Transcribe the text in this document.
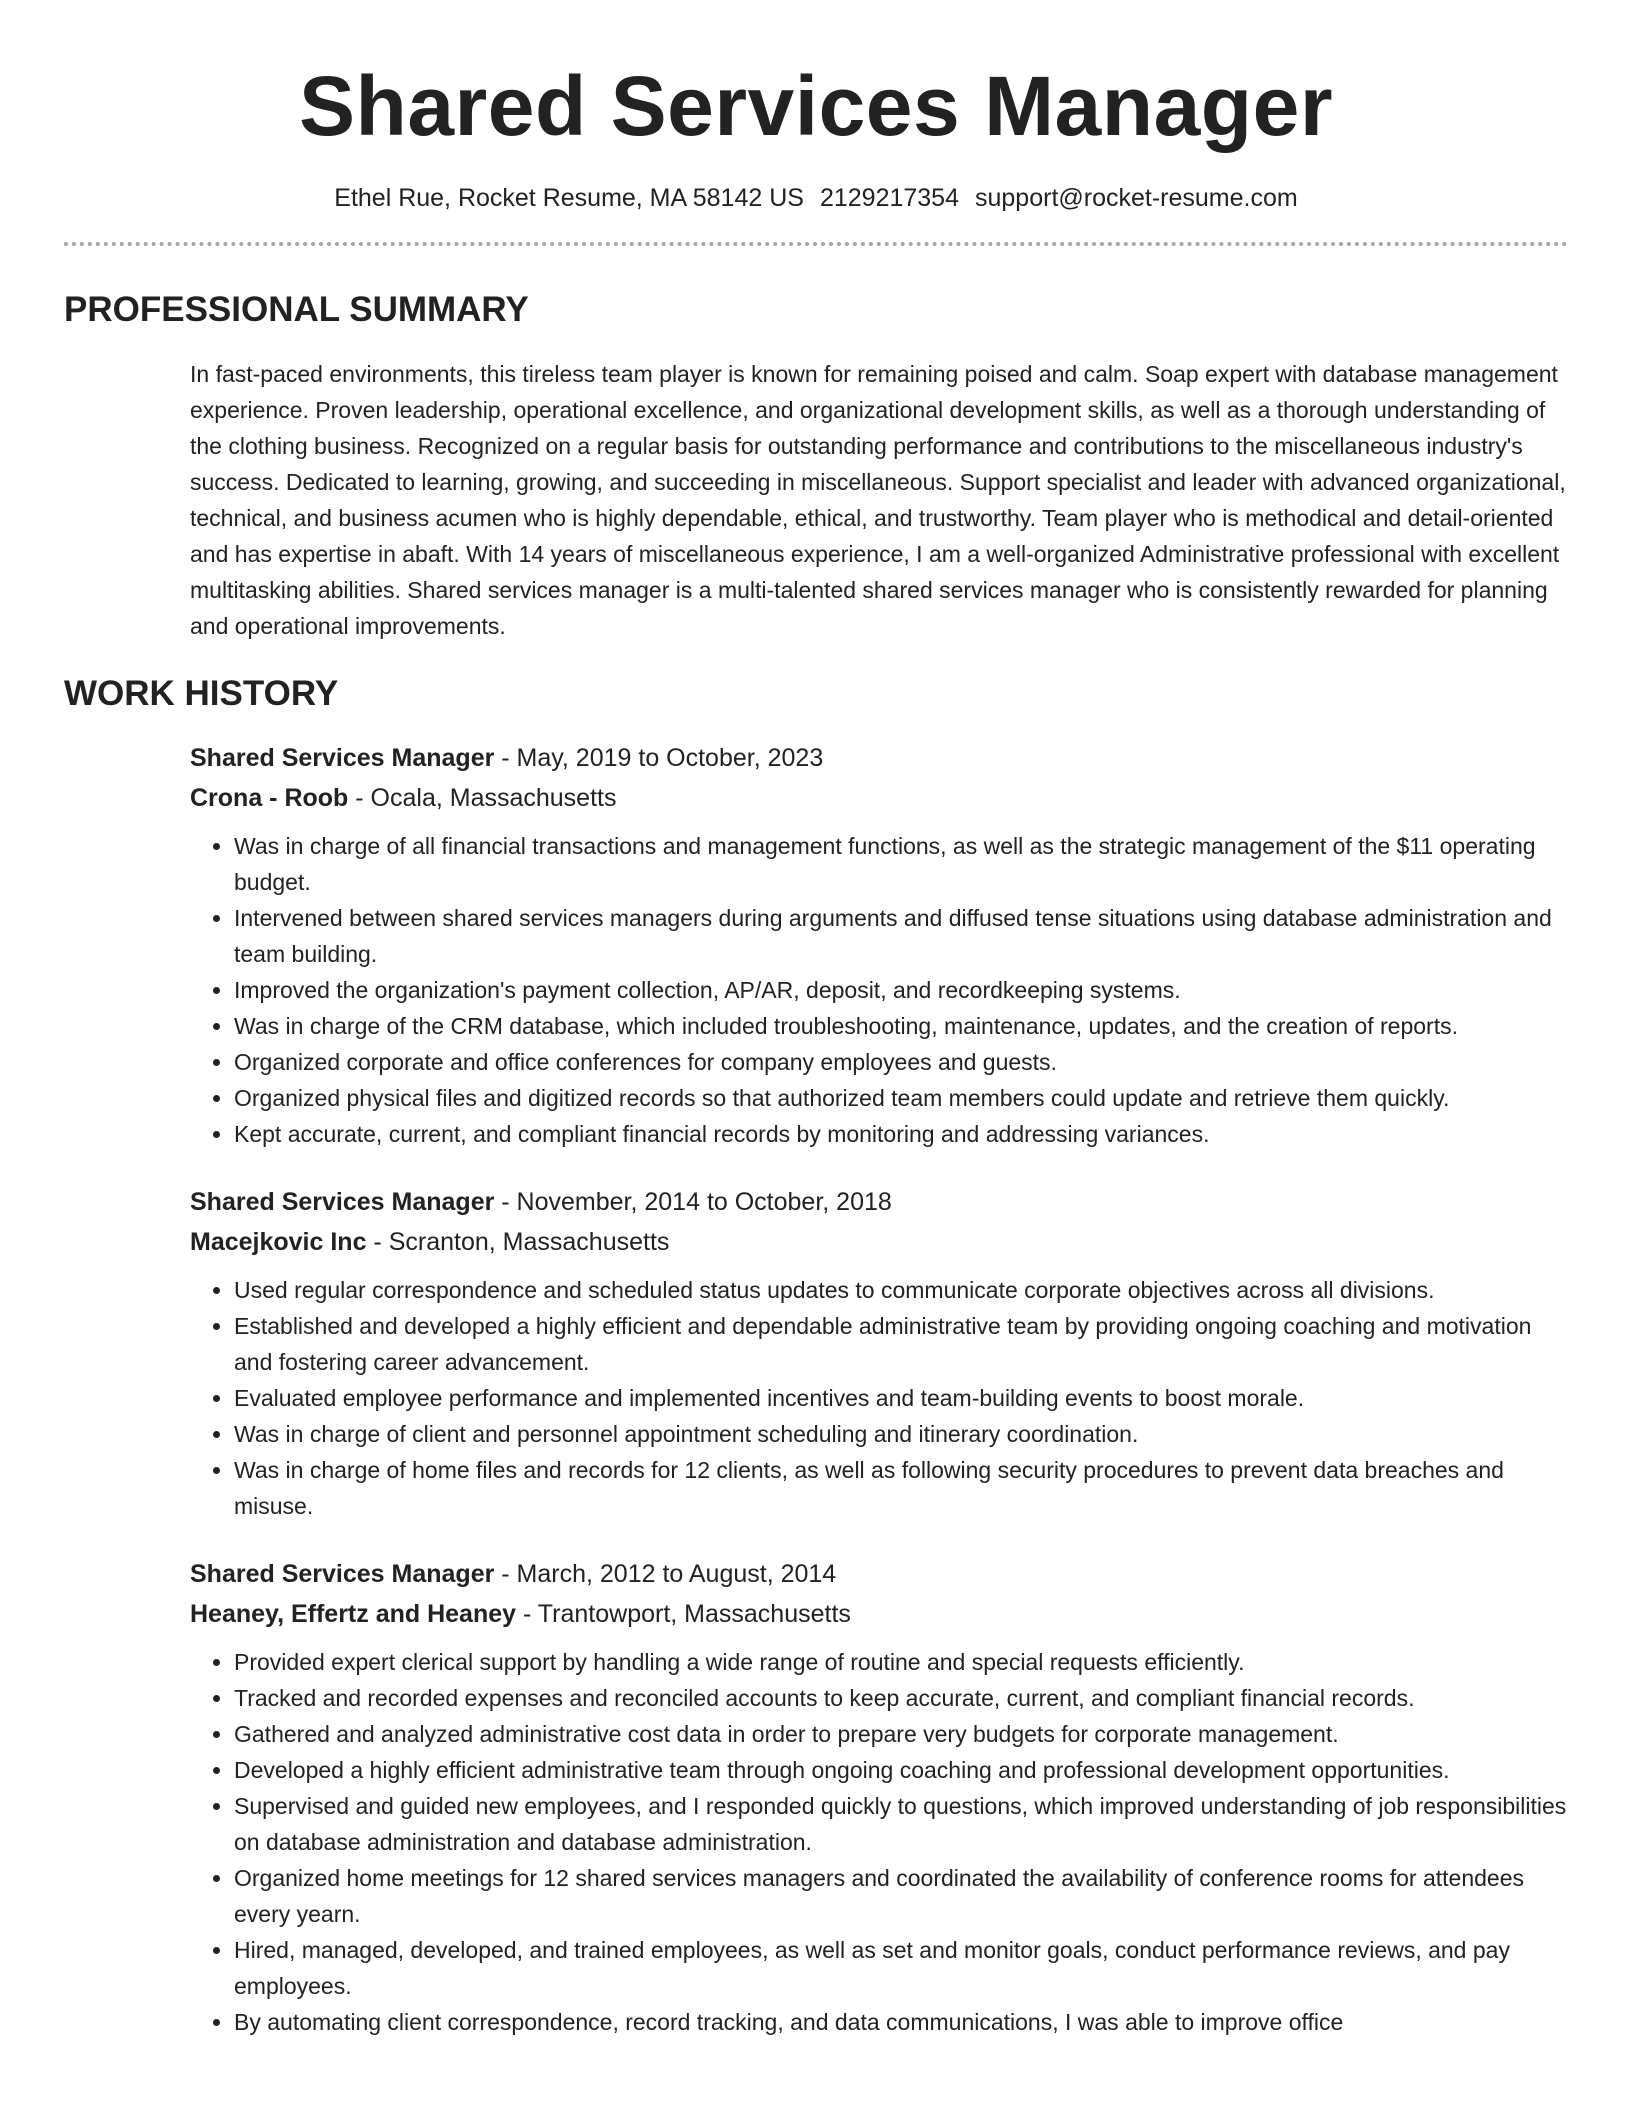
Shared Services Manager
Ethel Rue, Rocket Resume, MA 58142 US 2129217354 support@rocket-resume.com
PROFESSIONAL SUMMARY

In fast-paced environments, this tireless team player is known for remaining poised and calm. Soap expert with database management experience. Proven leadership, operational excellence, and organizational development skills, as well as a thorough understanding of the clothing business. Recognized on a regular basis for outstanding performance and contributions to the miscellaneous industry's success. Dedicated to learning, growing, and succeeding in miscellaneous. Support specialist and leader with advanced organizational, technical, and business acumen who is highly dependable, ethical, and trustworthy. Team player who is methodical and detail-oriented and has expertise in abaft. With 14 years of miscellaneous experience, I am a well-organized Administrative professional with excellent multitasking abilities. Shared services manager is a multi-talented shared services manager who is consistently rewarded for planning and operational improvements.

WORK HISTORY
Shared Services Manager - May, 2019 to October, 2023
Crona - Roob - Ocala, Massachusetts
• Was in charge of all financial transactions and management functions, as well as the strategic management of the $11 operating budget.
• Intervened between shared services managers during arguments and diffused tense situations using database administration and team building.
• Improved the organization's payment collection, AP/AR, deposit, and recordkeeping systems.
• Was in charge of the CRM database, which included troubleshooting, maintenance, updates, and the creation of reports.
• Organized corporate and office conferences for company employees and guests.
• Organized physical files and digitized records so that authorized team members could update and retrieve them quickly.
• Kept accurate, current, and compliant financial records by monitoring and addressing variances.
Shared Services Manager - November, 2014 to October, 2018
Macejkovic Inc - Scranton, Massachusetts
• Used regular correspondence and scheduled status updates to communicate corporate objectives across all divisions.
• Established and developed a highly efficient and dependable administrative team by providing ongoing coaching and motivation and fostering career advancement.
• Evaluated employee performance and implemented incentives and team-building events to boost morale.
• Was in charge of client and personnel appointment scheduling and itinerary coordination.
• Was in charge of home files and records for 12 clients, as well as following security procedures to prevent data breaches and misuse.
Shared Services Manager - March, 2012 to August, 2014
Heaney, Effertz and Heaney - Trantowport, Massachusetts
• Provided expert clerical support by handling a wide range of routine and special requests efficiently.
• Tracked and recorded expenses and reconciled accounts to keep accurate, current, and compliant financial records.
• Gathered and analyzed administrative cost data in order to prepare very budgets for corporate management.
• Developed a highly efficient administrative team through ongoing coaching and professional development opportunities.
• Supervised and guided new employees, and I responded quickly to questions, which improved understanding of job responsibilities on database administration and database administration.
• Organized home meetings for 12 shared services managers and coordinated the availability of conference rooms for attendees every yearn.
• Hired, managed, developed, and trained employees, as well as set and monitor goals, conduct performance reviews, and pay employees.
• By automating client correspondence, record tracking, and data communications, I was able to improve office
